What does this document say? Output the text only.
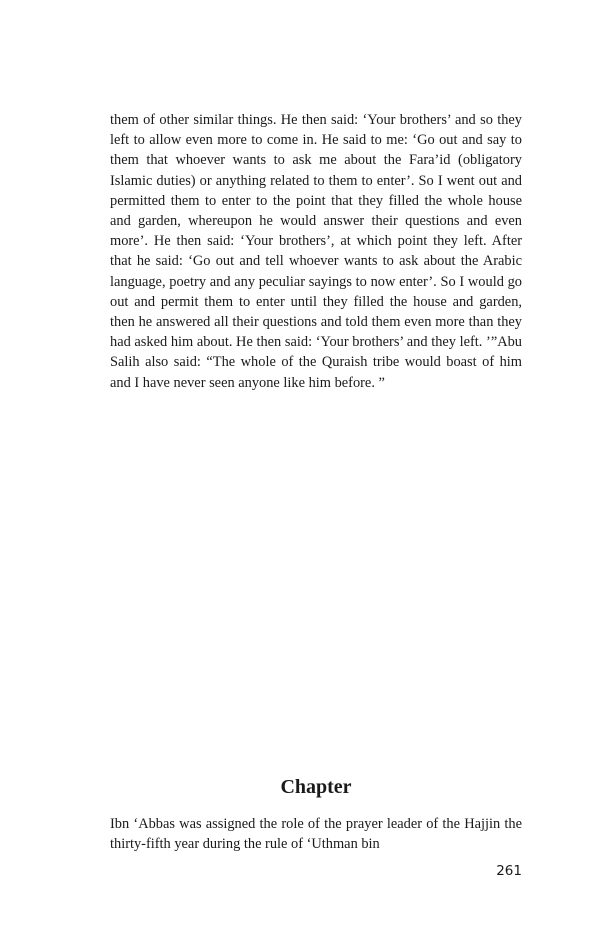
them of other similar things. He then said: ‘Your brothers’ and so they left to allow even more to come in. He said to me: ‘Go out and say to them that whoever wants to ask me about the Fara’id (obligatory Islamic duties) or anything related to them to enter’. So I went out and permitted them to enter to the point that they filled the whole house and garden, whereupon he would answer their questions and even more’. He then said: ‘Your brothers’, at which point they left. After that he said: ‘Go out and tell whoever wants to ask about the Arabic language, poetry and any peculiar sayings to now enter’. So I would go out and permit them to enter until they filled the house and garden, then he answered all their questions and told them even more than they had asked him about. He then said: ‘Your brothers’ and they left. ’”Abu Salih also said: “The whole of the Quraish tribe would boast of him and I have never seen anyone like him before. ”

Chapter

Ibn ‘Abbas was assigned the role of the prayer leader of the Hajjin the thirty-fifth year during the rule of ‘Uthman bin

261
